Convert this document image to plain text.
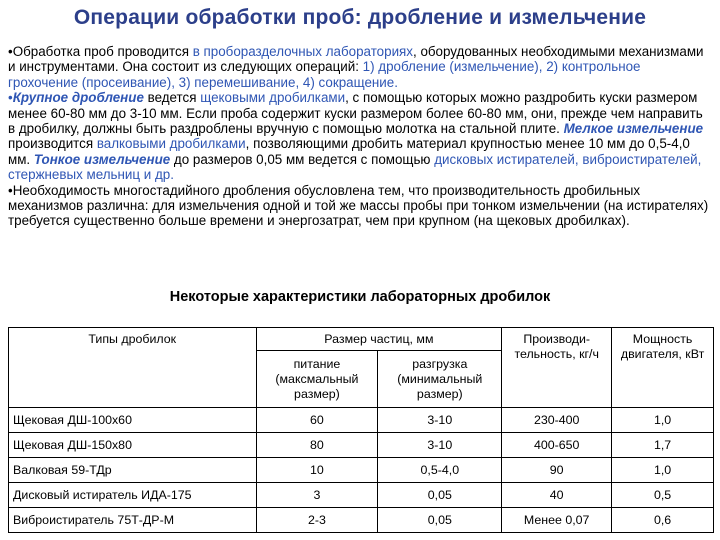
Операции обработки проб: дробление и измельчение

•Обработка проб проводится в проборазделочных лабораториях, оборудованных необходимыми механизмами и инструментами. Она состоит из следующих операций: 1) дробление (измельчение), 2) контрольное грохочение (просеивание), 3) перемешивание, 4) сокращение.

•Крупное дробление ведется щековыми дробилками, с помощью которых можно раздробить куски размером менее 60-80 мм до 3-10 мм. Если проба содержит куски размером более 60-80 мм, они, прежде чем направить в дробилку, должны быть раздроблены вручную с помощью молотка на стальной плите. Мелкое измельчение производится валковыми дробилками, позволяющими дробить материал крупностью менее 10 мм до 0,5-4,0 мм. Тонкое измельчение до размеров 0,05 мм ведется с помощью дисковых истирателей, виброистирателей, стержневых мельниц и др.

•Необходимость многостадийного дробления обусловлена тем, что производительность дробильных механизмов различна: для измельчения одной и той же массы пробы при тонком измельчении (на истирателях) требуется существенно больше времени и энергозатрат, чем при крупном (на щековых дробилках).

Некоторые характеристики лабораторных дробилок
Типы дробилок	Размер частиц, мм		Производи-тельность, кг/ч	Мощность двигателя, кВт
	питание (максмальный размер)	разгрузка (минимальный размер)		
Щековая ДШ-100х60	60	3-10	230-400	1,0
Щековая ДШ-150х80	80	3-10	400-650	1,7
Валковая 59-ТДр	10	0,5-4,0	90	1,0
Дисковый истиратель ИДА-175	3	0,05	40	0,5
Виброистиратель 75Т-ДР-М	2-3	0,05	Менее 0,07	0,6
